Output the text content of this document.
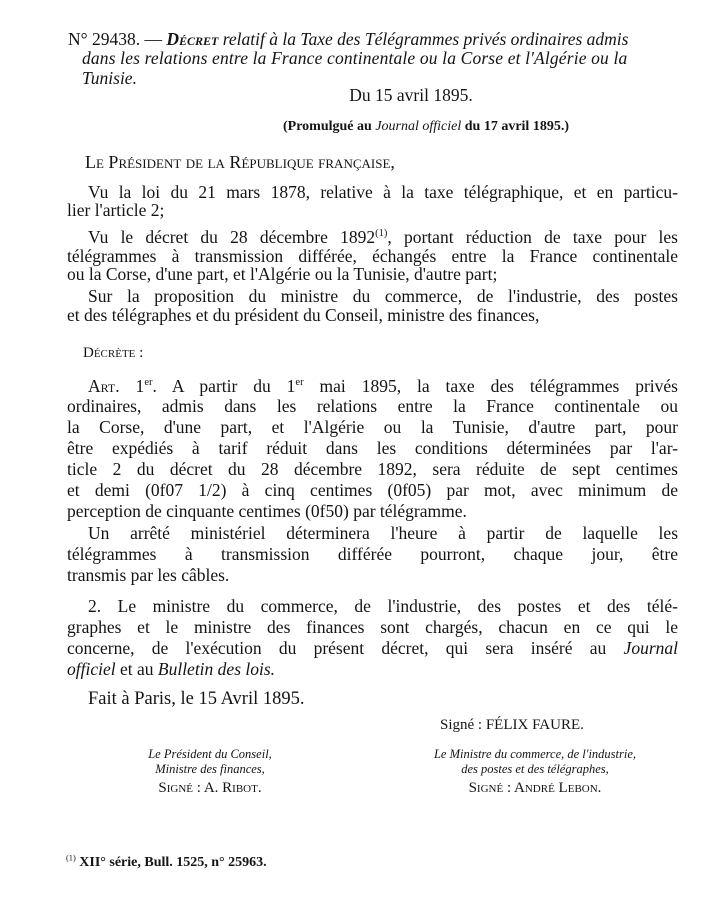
N° 29438. — Décret relatif à la Taxe des Télégrammes privés ordinaires admis
dans les relations entre la France continentale ou la Corse et l'Algérie ou la
Tunisie.
Du 15 avril 1895.
(Promulgué au Journal officiel du 17 avril 1895.)
Le Président de la République française,
Vu la loi du 21 mars 1878, relative à la taxe télégraphique, et en particu-
lier l'article 2;
Vu le décret du 28 décembre 1892$^{(1)}$, portant réduction de taxe pour les
télégrammes à transmission différée, échangés entre la France continentale
ou la Corse, d'une part, et l'Algérie ou la Tunisie, d'autre part;
Sur la proposition du ministre du commerce, de l'industrie, des postes
et des télégraphes et du président du Conseil, ministre des finances,
Décrète :
Art. 1er. A partir du 1er mai 1895, la taxe des télégrammes privés
ordinaires, admis dans les relations entre la France continentale ou
la Corse, d'une part, et l'Algérie ou la Tunisie, d'autre part, pour
être expédiés à tarif réduit dans les conditions déterminées par l'ar-
ticle 2 du décret du 28 décembre 1892, sera réduite de sept centimes
et demi (0f07 1/2) à cinq centimes (0f05) par mot, avec minimum de
perception de cinquante centimes (0f50) par télégramme.
Un arrêté ministériel déterminera l'heure à partir de laquelle les
télégrammes à transmission différée pourront, chaque jour, être
transmis par les câbles.
2. Le ministre du commerce, de l'industrie, des postes et des télé-
graphes et le ministre des finances sont chargés, chacun en ce qui le
concerne, de l'exécution du présent décret, qui sera inséré au Journal
officiel et au Bulletin des lois.
Fait à Paris, le 15 Avril 1895.
Signé : FÉLIX FAURE.
Le Président du Conseil,
Ministre des finances,
Signé : A. Ribot.
Le Ministre du commerce, de l'industrie,
des postes et des télégraphes,
Signé : André Lebon.
$^{(1)}$ XII° série, Bull. 1525, n° 25963.
